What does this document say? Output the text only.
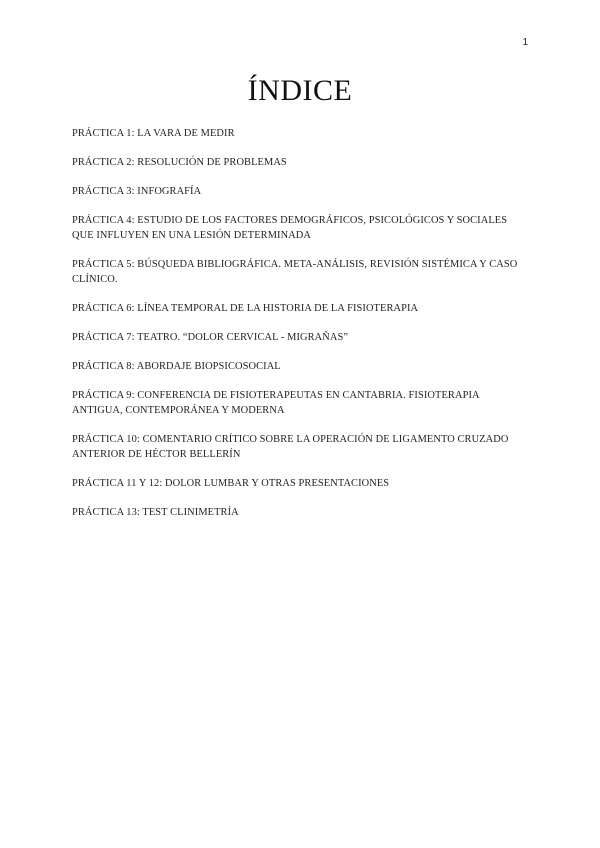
1
ÍNDICE
PRÁCTICA 1: LA VARA DE MEDIR
PRÁCTICA 2: RESOLUCIÓN DE PROBLEMAS
PRÁCTICA 3: INFOGRAFÍA
PRÁCTICA 4: ESTUDIO DE LOS FACTORES DEMOGRÁFICOS, PSICOLÓGICOS Y SOCIALES QUE INFLUYEN EN UNA LESIÓN DETERMINADA
PRÁCTICA 5: BÚSQUEDA BIBLIOGRÁFICA. META-ANÁLISIS, REVISIÓN SISTÉMICA Y CASO CLÍNICO.
PRÁCTICA 6: LÍNEA TEMPORAL DE LA HISTORIA DE LA FISIOTERAPIA
PRÁCTICA 7: TEATRO. “DOLOR CERVICAL - MIGRAÑAS”
PRÁCTICA 8: ABORDAJE BIOPSICOSOCIAL
PRÁCTICA 9: CONFERENCIA DE FISIOTERAPEUTAS EN CANTABRIA. FISIOTERAPIA ANTIGUA, CONTEMPORÁNEA Y MODERNA
PRÁCTICA 10: COMENTARIO CRÍTICO SOBRE LA OPERACIÓN DE LIGAMENTO CRUZADO ANTERIOR DE HÉCTOR BELLERÍN
PRÁCTICA 11 Y 12: DOLOR LUMBAR Y OTRAS PRESENTACIONES
PRÁCTICA 13: TEST CLINIMETRÍA
